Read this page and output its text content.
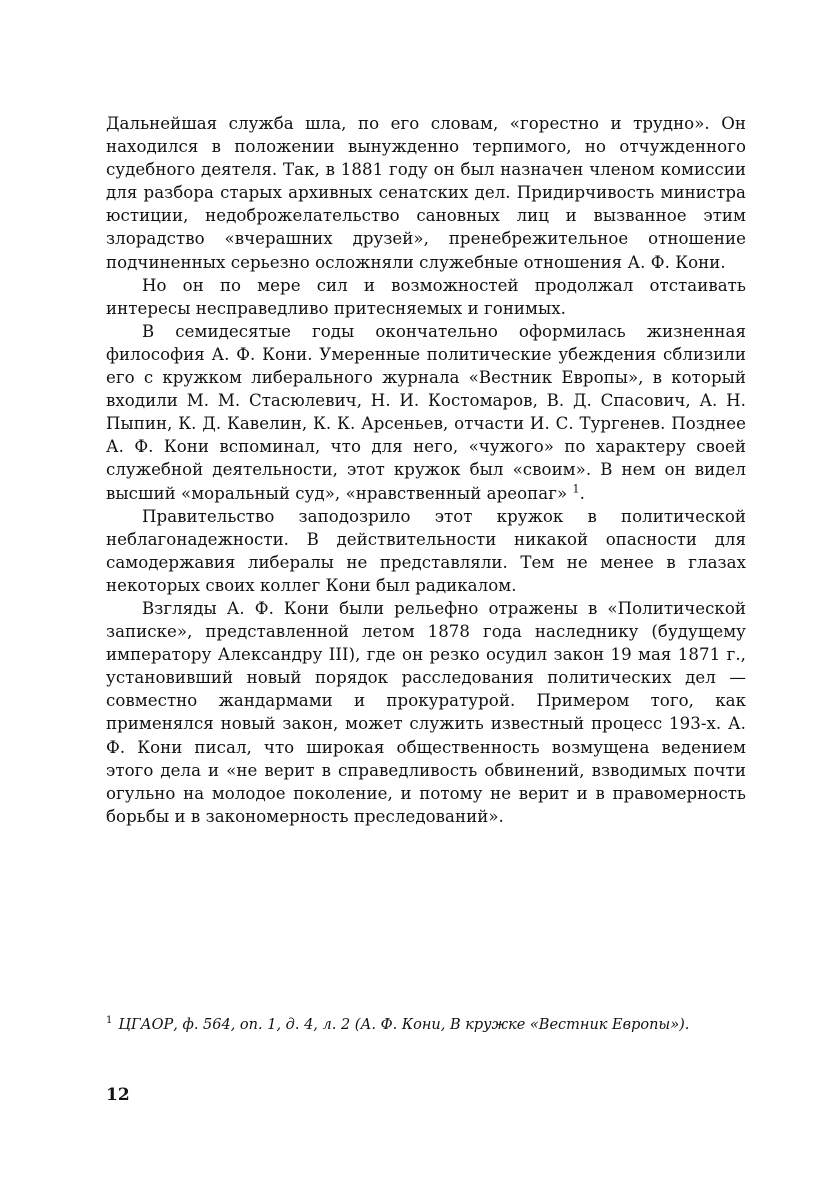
Дальнейшая служба шла, по его словам, «горестно и трудно». Он находился в положении вынужденно терпимого, но отчужденного судебного деятеля. Так, в 1881 году он был назначен членом комиссии для разбора старых архивных сенатских дел. Придирчивость министра юстиции, недоброжелательство сановных лиц и вызванное этим злорадство «вчерашних друзей», пренебрежительное отношение подчиненных серьезно осложняли служебные отношения А. Ф. Кони.

Но он по мере сил и возможностей продолжал отстаивать интересы несправедливо притесняемых и гонимых.

В семидесятые годы окончательно оформилась жизненная философия А. Ф. Кони. Умеренные политические убеждения сблизили его с кружком либерального журнала «Вестник Европы», в который входили М. М. Стасюлевич, Н. И. Костомаров, В. Д. Спасович, А. Н. Пыпин, К. Д. Кавелин, К. К. Арсеньев, отчасти И. С. Тургенев. Позднее А. Ф. Кони вспоминал, что для него, «чужого» по характеру своей служебной деятельности, этот кружок был «своим». В нем он видел высший «моральный суд», «нравственный ареопаг» $^1$.

Правительство заподозрило этот кружок в политической неблагонадежности. В действительности никакой опасности для самодержавия либералы не представляли. Тем не менее в глазах некоторых своих коллег Кони был радикалом.

Взгляды А. Ф. Кони были рельефно отражены в «Политической записке», представленной летом 1878 года наследнику (будущему императору Александру III), где он резко осудил закон 19 мая 1871 г., установивший новый порядок расследования политических дел — совместно жандармами и прокуратурой. Примером того, как применялся новый закон, может служить известный процесс 193-х. А. Ф. Кони писал, что широкая общественность возмущена ведением этого дела и «не верит в справедливость обвинений, взводимых почти огульно на молодое поколение, и потому не верит и в правомерность борьбы и в закономерность преследований».

$^1$ ЦГАОР, ф. 564, оп. 1, д. 4, л. 2 (А. Ф. Кони, В кружке «Вестник Европы»).

12
